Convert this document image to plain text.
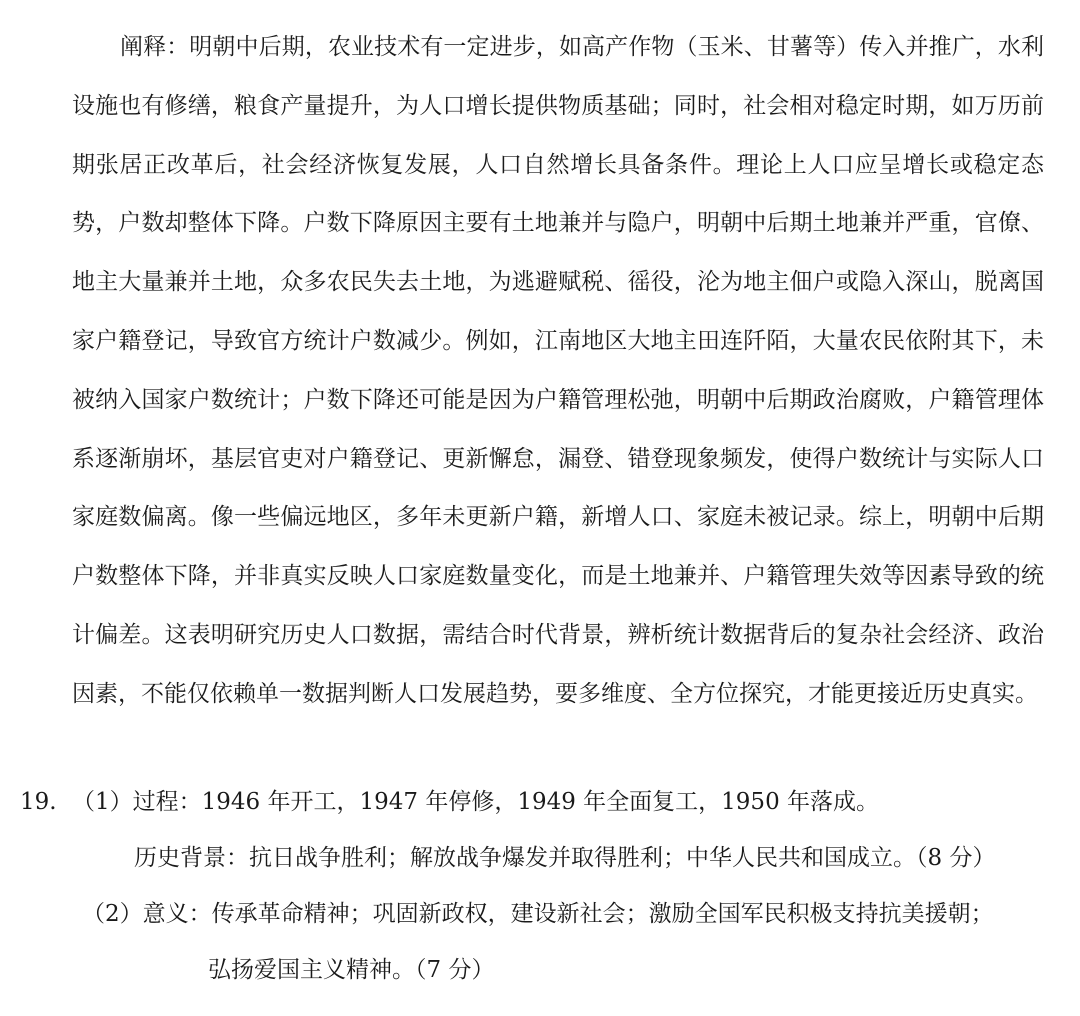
阐释：明朝中后期，农业技术有一定进步，如高产作物（玉米、甘薯等）传入并推广，水利设施也有修缮，粮食产量提升，为人口增长提供物质基础；同时，社会相对稳定时期，如万历前期张居正改革后，社会经济恢复发展，人口自然增长具备条件。理论上人口应呈增长或稳定态势，户数却整体下降。户数下降原因主要有土地兼并与隐户，明朝中后期土地兼并严重，官僚、地主大量兼并土地，众多农民失去土地，为逃避赋税、徭役，沦为地主佃户或隐入深山，脱离国家户籍登记，导致官方统计户数减少。例如，江南地区大地主田连阡陌，大量农民依附其下，未被纳入国家户数统计；户数下降还可能是因为户籍管理松弛，明朝中后期政治腐败，户籍管理体系逐渐崩坏，基层官吏对户籍登记、更新懈怠，漏登、错登现象频发，使得户数统计与实际人口家庭数偏离。像一些偏远地区，多年未更新户籍，新增人口、家庭未被记录。综上，明朝中后期户数整体下降，并非真实反映人口家庭数量变化，而是土地兼并、户籍管理失效等因素导致的统计偏差。这表明研究历史人口数据，需结合时代背景，辨析统计数据背后的复杂社会经济、政治因素，不能仅依赖单一数据判断人口发展趋势，要多维度、全方位探究，才能更接近历史真实。

19. （1）过程：1946 年开工，1947 年停修，1949 年全面复工，1950 年落成。

历史背景：抗日战争胜利；解放战争爆发并取得胜利；中华人民共和国成立。（8 分）

（2）意义：传承革命精神；巩固新政权，建设新社会；激励全国军民积极支持抗美援朝；

弘扬爱国主义精神。（7 分）
